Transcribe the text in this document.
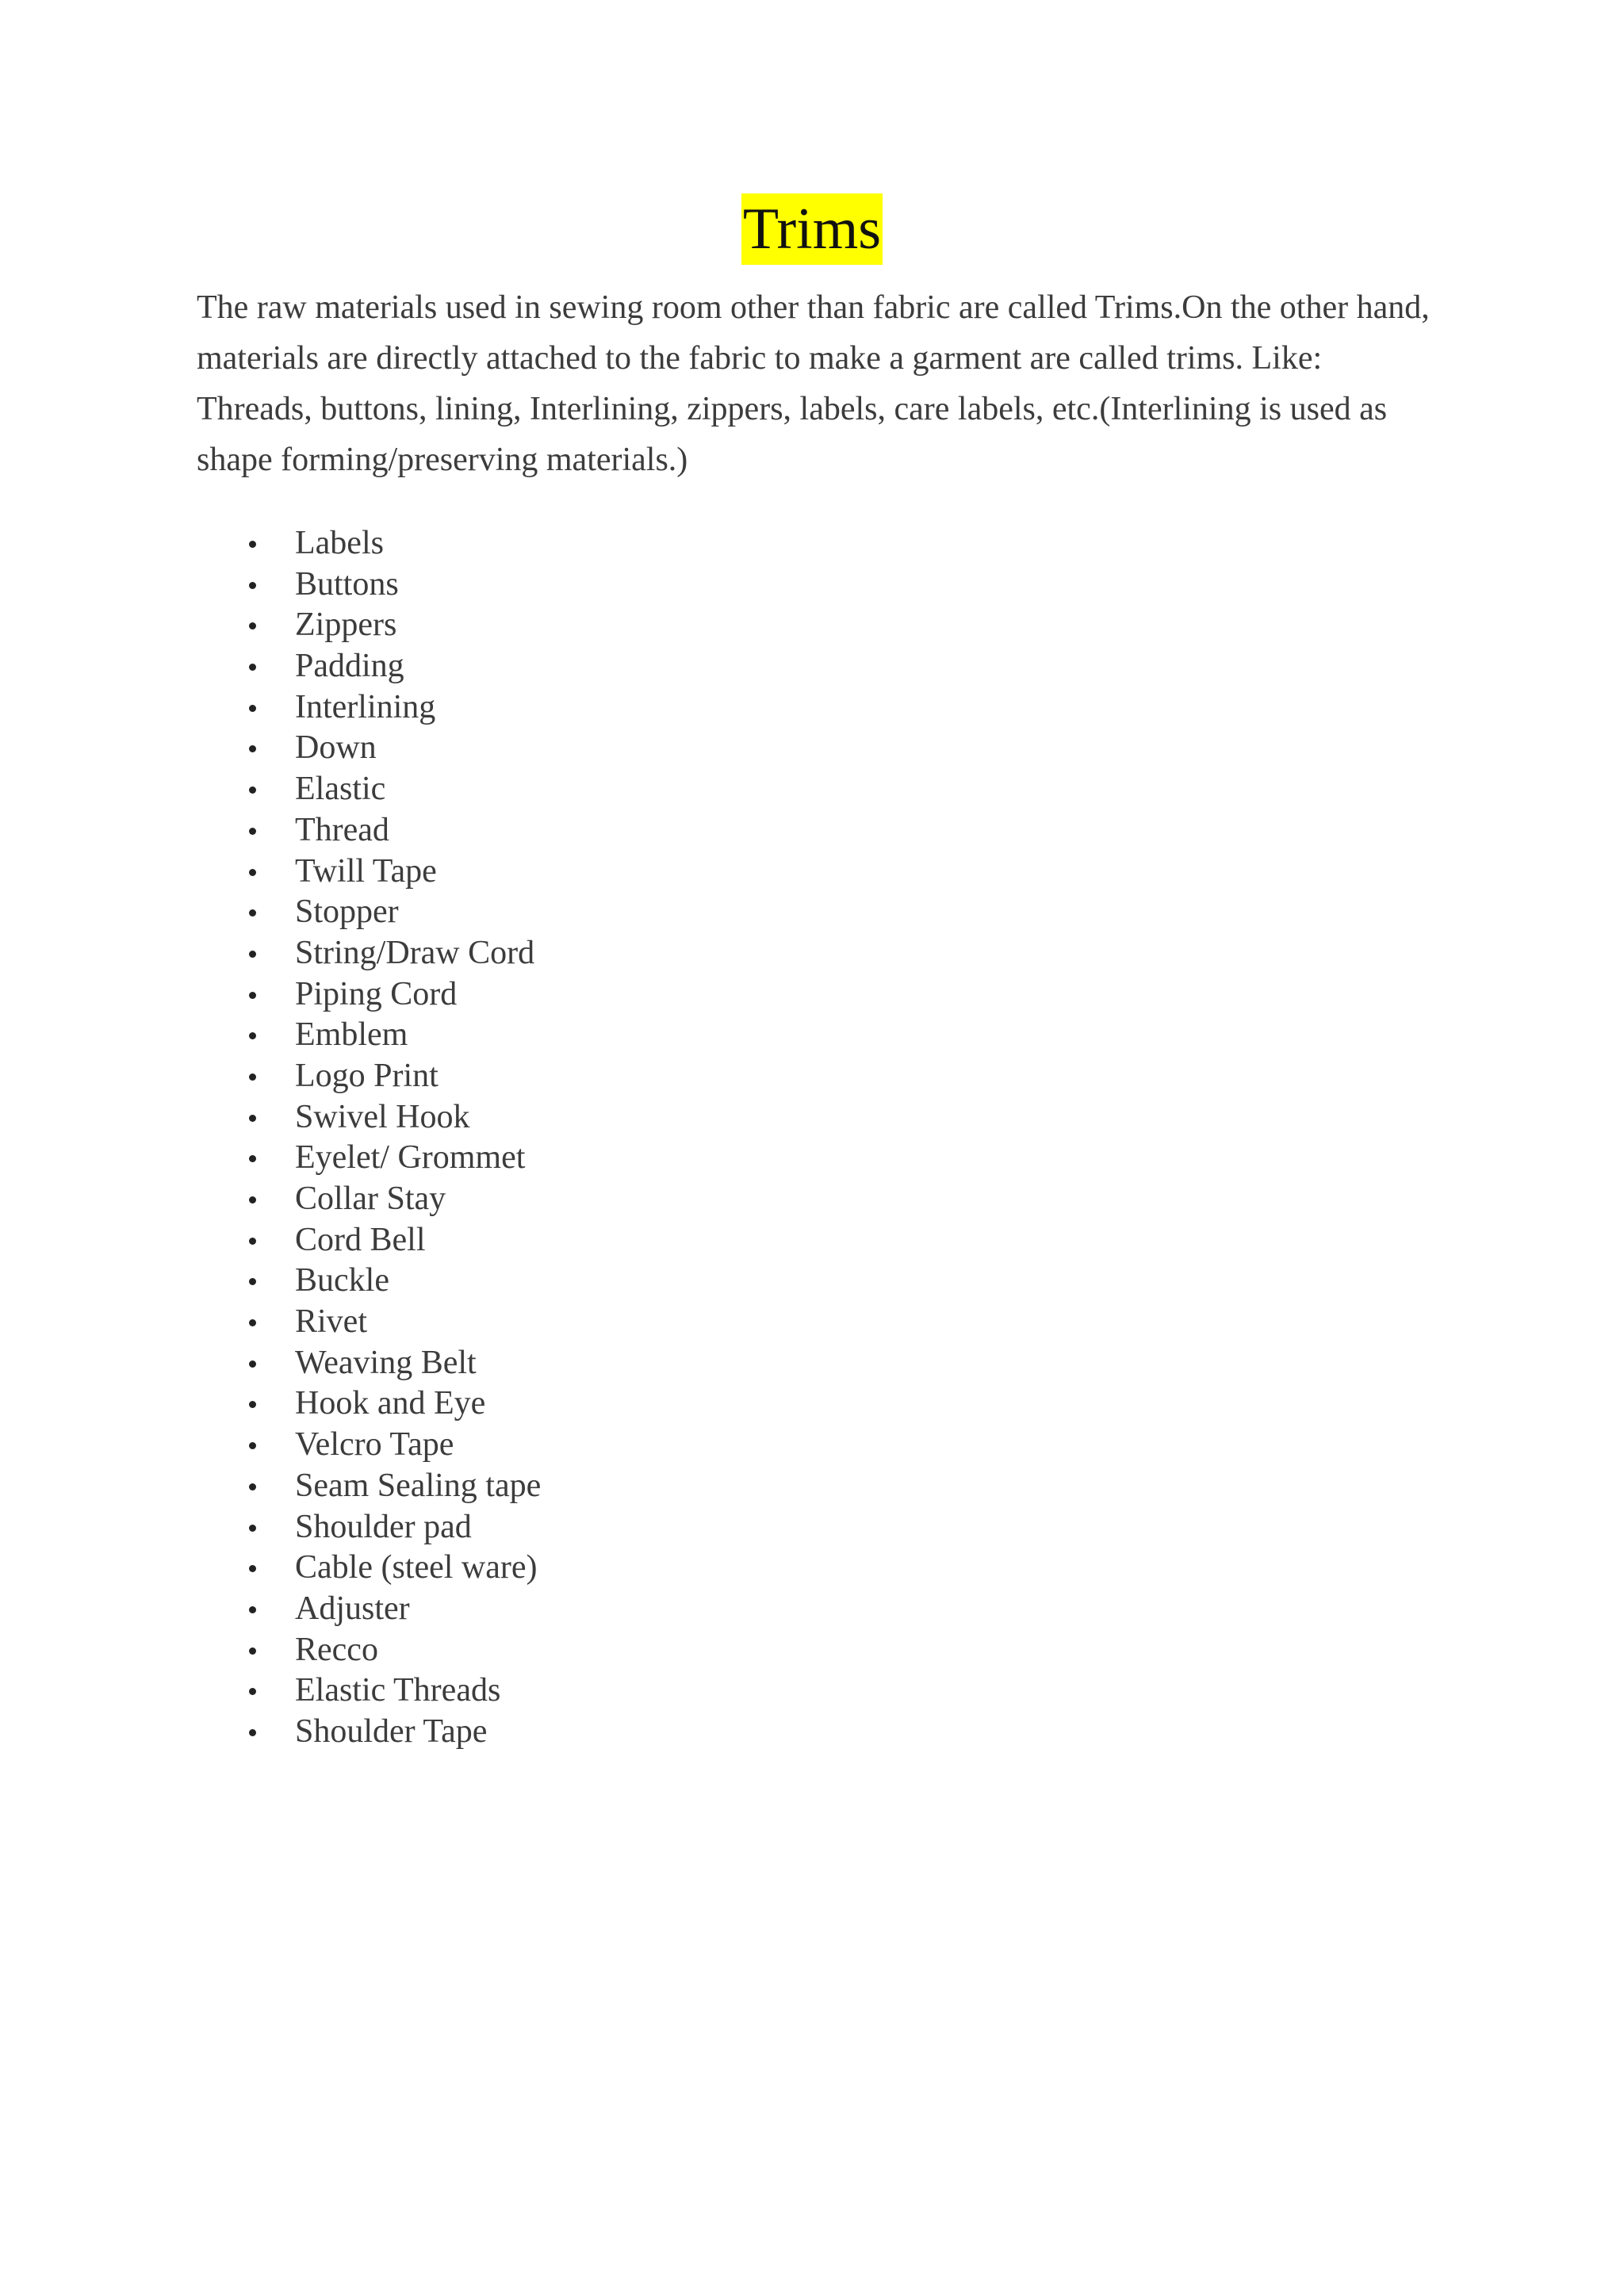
Trims

The raw materials used in sewing room other than fabric are called Trims.On the other hand, materials are directly attached to the fabric to make a garment are called trims. Like: Threads, buttons, lining, Interlining, zippers, labels, care labels, etc.(Interlining is used as shape forming/preserving materials.)

Labels
Buttons
Zippers
Padding
Interlining
Down
Elastic
Thread
Twill Tape
Stopper
String/Draw Cord
Piping Cord
Emblem
Logo Print
Swivel Hook
Eyelet/ Grommet
Collar Stay
Cord Bell
Buckle
Rivet
Weaving Belt
Hook and Eye
Velcro Tape
Seam Sealing tape
Shoulder pad
Cable (steel ware)
Adjuster
Recco
Elastic Threads
Shoulder Tape
